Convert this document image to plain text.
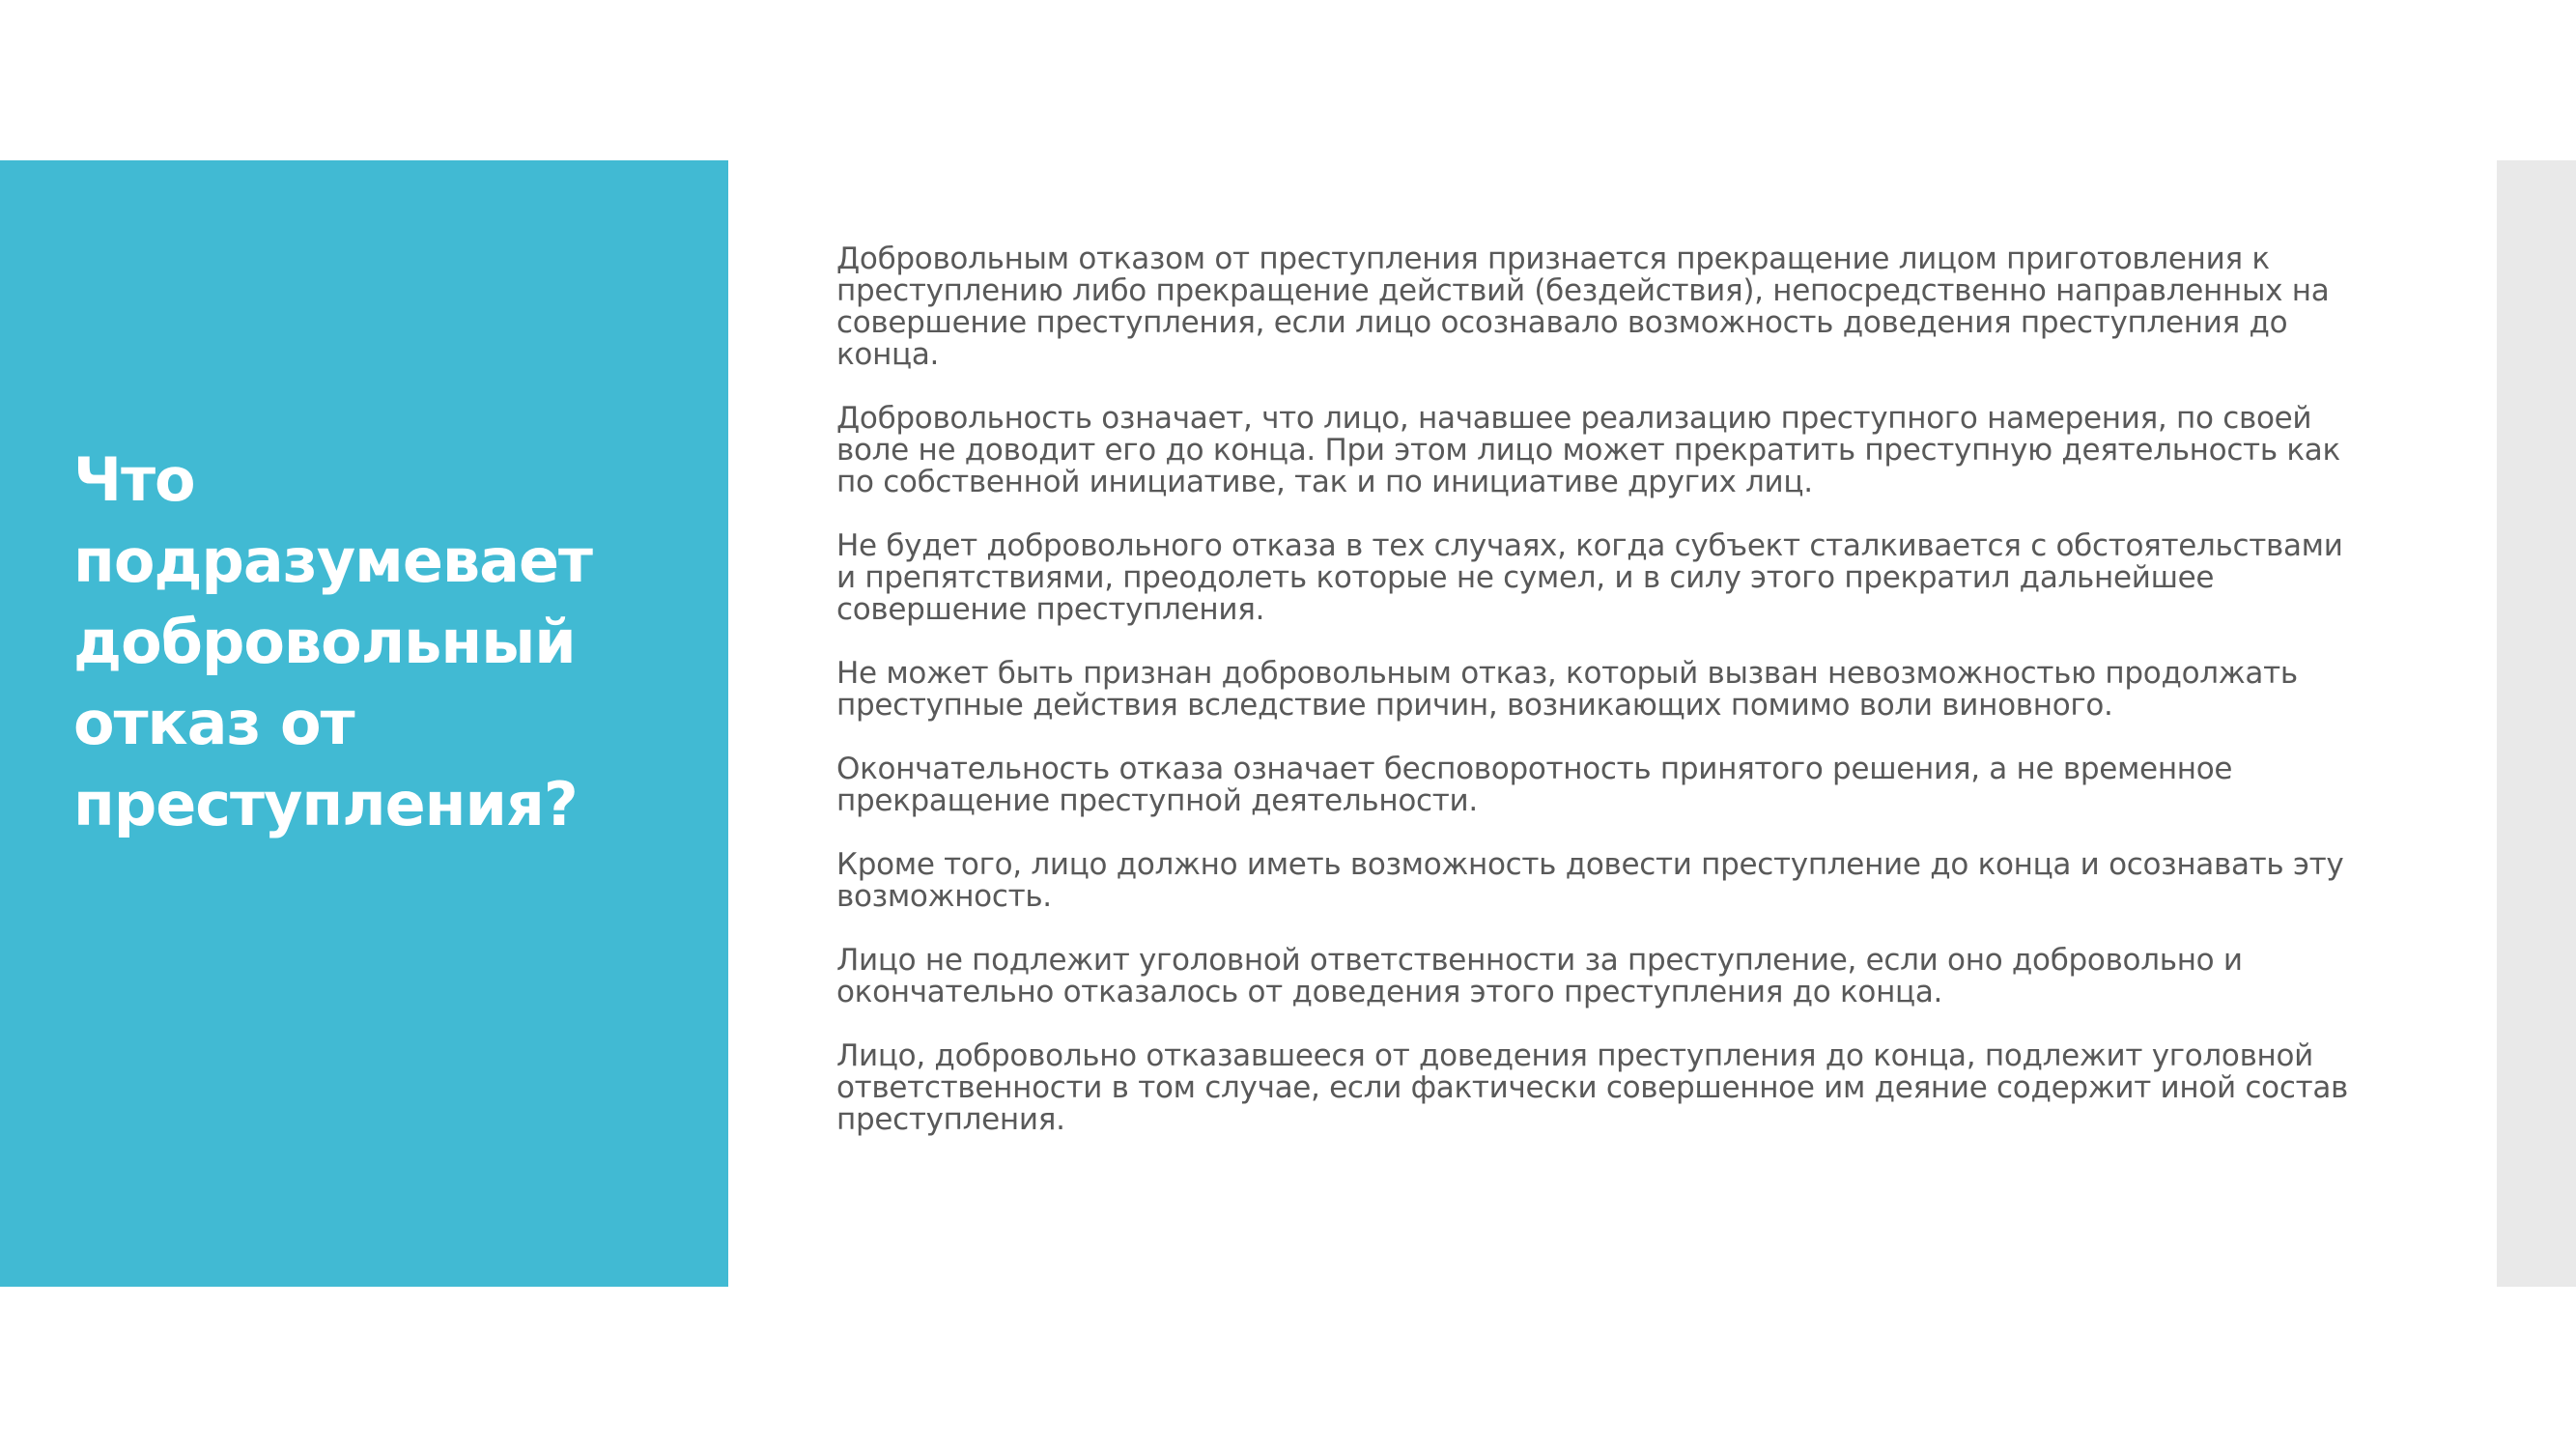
Что подразумевает добровольный отказ от преступления?

Добровольным отказом от преступления признается прекращение лицом приготовления к преступлению либо прекращение действий (бездействия), непосредственно направленных на совершение преступления, если лицо осознавало возможность доведения преступления до конца.

Добровольность означает, что лицо, начавшее реализацию преступного намерения, по своей воле не доводит его до конца. При этом лицо может прекратить преступную деятельность как по собственной инициативе, так и по инициативе других лиц.

Не будет добровольного отказа в тех случаях, когда субъект сталкивается с обстоятельствами и препятствиями, преодолеть которые не сумел, и в силу этого прекратил дальнейшее совершение преступления.

Не может быть признан добровольным отказ, который вызван невозможностью продолжать преступные действия вследствие причин, возникающих помимо воли виновного.

Окончательность отказа означает бесповоротность принятого решения, а не временное прекращение преступной деятельности.

Кроме того, лицо должно иметь возможность довести преступление до конца и осознавать эту возможность.

Лицо не подлежит уголовной ответственности за преступление, если оно добровольно и окончательно отказалось от доведения этого преступления до конца.

Лицо, добровольно отказавшееся от доведения преступления до конца, подлежит уголовной ответственности в том случае, если фактически совершенное им деяние содержит иной состав преступления.
